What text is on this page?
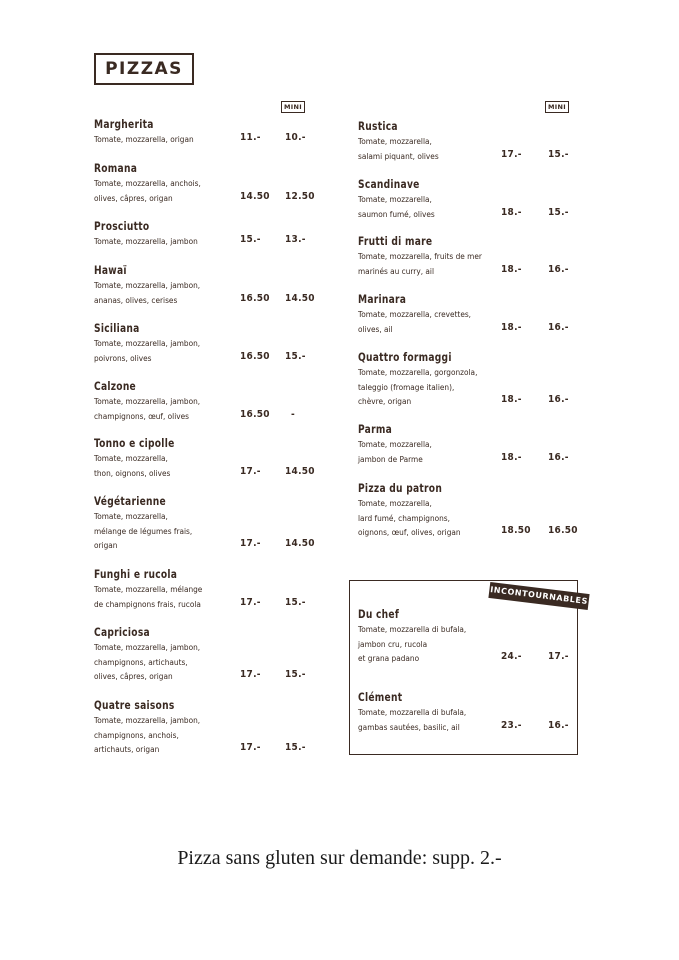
PIZZAS
MINI	MINI
Margherita
Tomate, mozzarella, origan	11.- 10.-
Romana
Tomate, mozzarella, anchois,
olives, câpres, origan	14.50 12.50
Prosciutto
Tomate, mozzarella, jambon	15.- 13.-
Hawaï
Tomate, mozzarella, jambon,
ananas, olives, cerises	16.50 14.50
Siciliana
Tomate, mozzarella, jambon,
poivrons, olives	16.50 15.-
Calzone
Tomate, mozzarella, jambon,
champignons, œuf, olives	16.50 -
Tonno e cipolle
Tomate, mozzarella,
thon, oignons, olives	17.- 14.50
Végétarienne
Tomate, mozzarella,
mélange de légumes frais,
origan	17.- 14.50
Funghi e rucola
Tomate, mozzarella, mélange
de champignons frais, rucola	17.- 15.-
Capriciosa
Tomate, mozzarella, jambon,
champignons, artichauts,
olives, câpres, origan	17.- 15.-
Quatre saisons
Tomate, mozzarella, jambon,
champignons, anchois,
artichauts, origan	17.- 15.-
Rustica
Tomate, mozzarella,
salami piquant, olives	17.-	15.-
Scandinave
Tomate, mozzarella,
saumon fumé, olives	18.-	15.-
Frutti di mare
Tomate, mozzarella, fruits de mer
marinés au curry, ail	18.-	16.-
Marinara
Tomate, mozzarella, crevettes,
olives, ail	18.-	16.-
Quattro formaggi
Tomate, mozzarella, gorgonzola,
taleggio (fromage italien),
chèvre, origan	18.-	16.-
Parma
Tomate, mozzarella,
jambon de Parme	18.-	16.-
Pizza du patron
Tomate, mozzarella,
lard fumé, champignons,
oignons, œuf, olives, origan	18.50 16.50
INCONTOURNABLES
Du chef
Tomate, mozzarella di bufala,
jambon cru, rucola
et grana padano	24.-	17.-
Clément
Tomate, mozzarella di bufala,
gambas sautées, basilic, ail	23.-	16.-
Pizza sans gluten sur demande: supp. 2.-
